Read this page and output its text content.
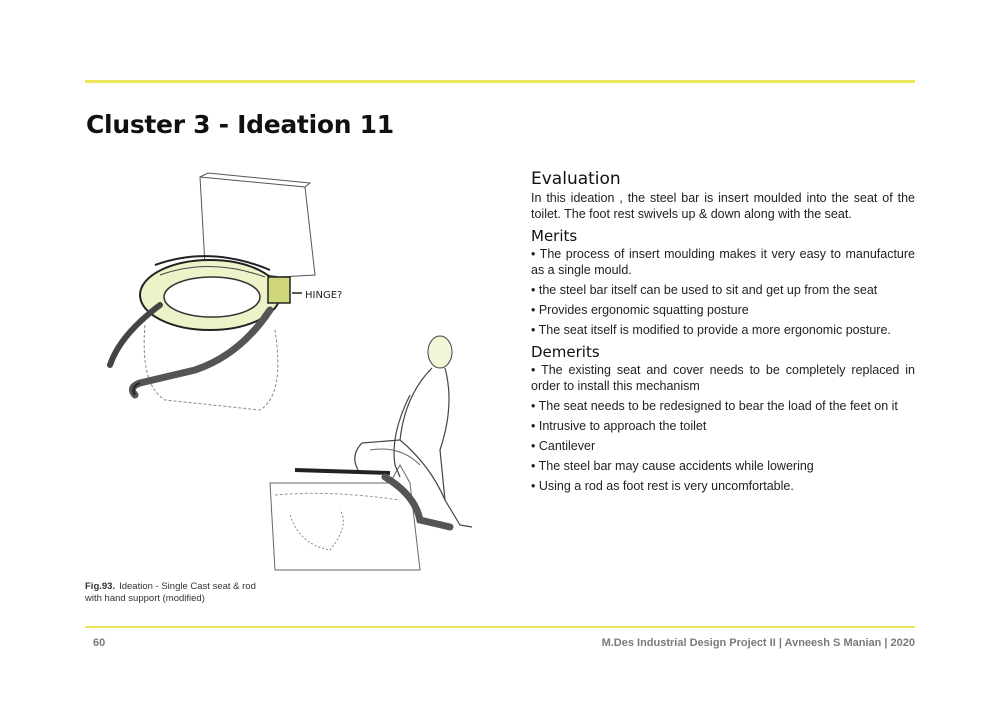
Cluster 3 - Ideation 11
HINGE?
Fig.93. Ideation - Single Cast seat & rod with hand support (modified)
Evaluation

In this ideation , the steel bar is insert moulded into the seat of the toilet. The foot rest swivels up & down along with the seat.

Merits

• The process of insert moulding makes it very easy to manufacture as a single mould.

• the steel bar itself can be used to sit and get up from the seat

• Provides ergonomic squatting posture

• The seat itself is modified to provide a more ergonomic posture.

Demerits

• The existing seat and cover needs to be completely replaced in order to install this mechanism

• The seat needs to be redesigned to bear the load of the feet on it

• Intrusive to approach the toilet

• Cantilever

• The steel bar may cause accidents while lowering

• Using a rod as foot rest is very uncomfortable.

60	M.Des Industrial Design Project II | Avneesh S Manian | 2020
